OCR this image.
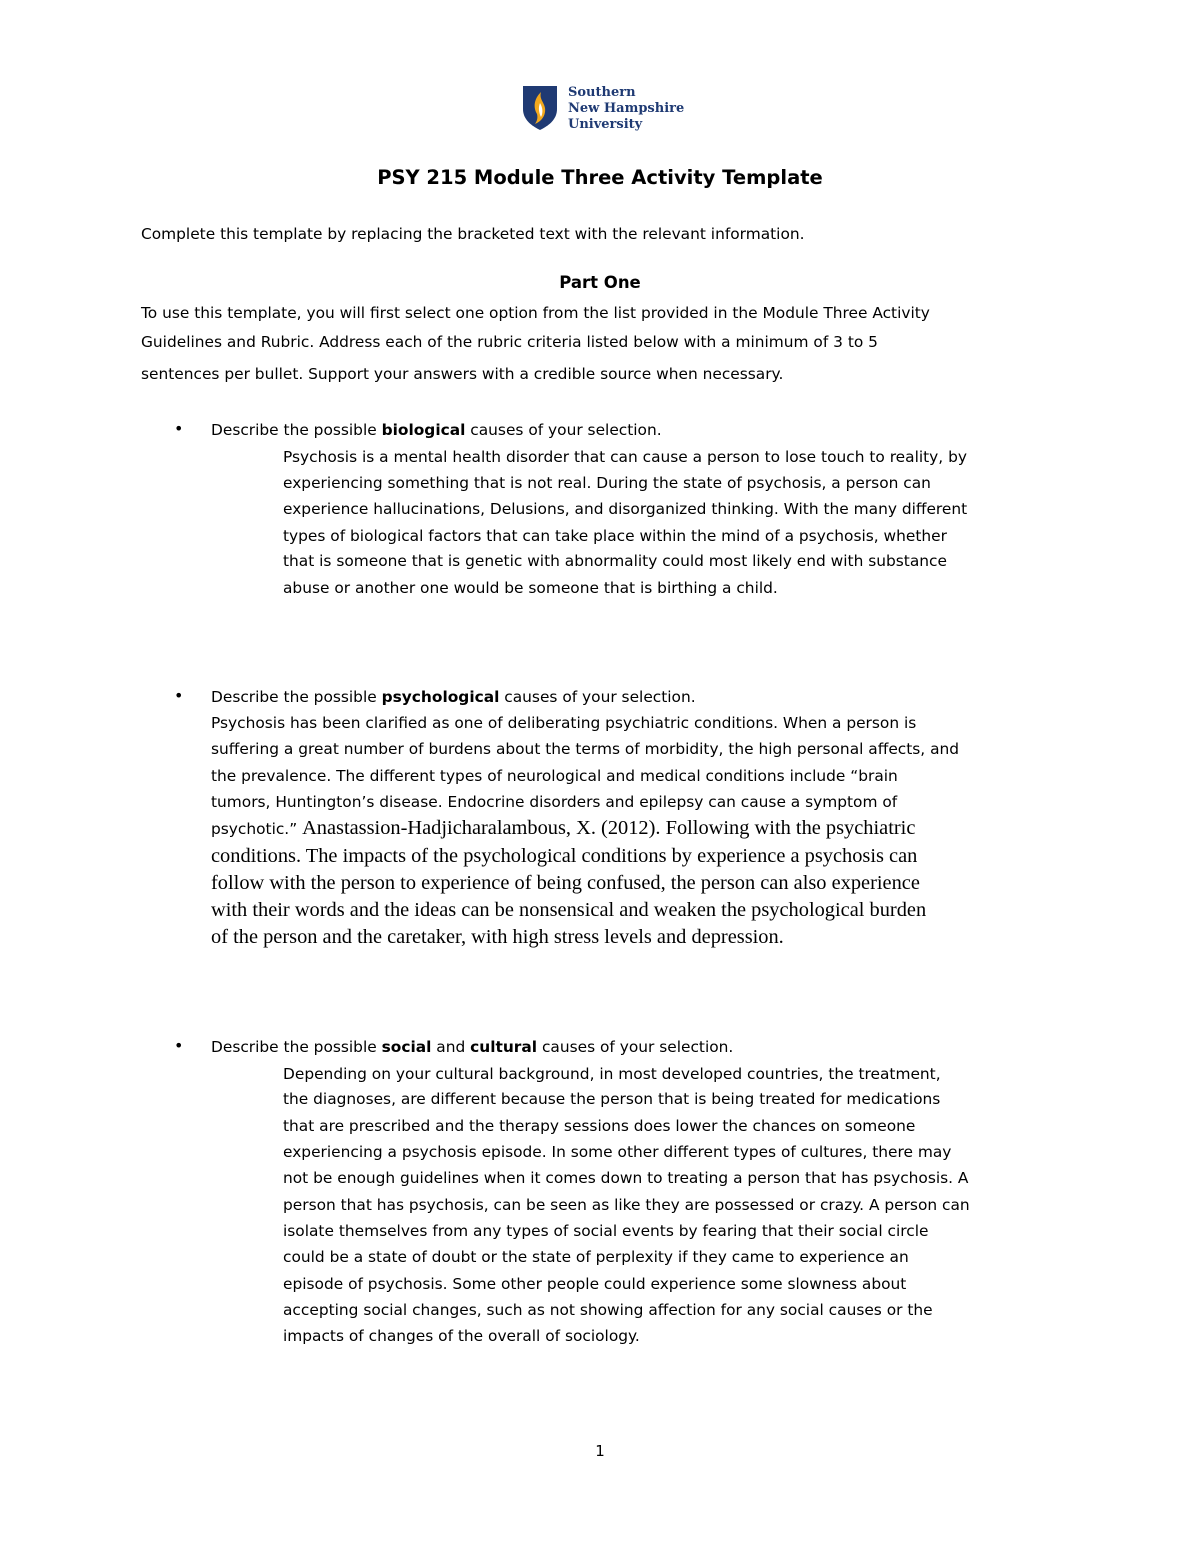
Southern
New Hampshire
University
PSY 215 Module Three Activity Template
Complete this template by replacing the bracketed text with the relevant information.
Part One
To use this template, you will first select one option from the list provided in the Module Three Activity
Guidelines and Rubric. Address each of the rubric criteria listed below with a minimum of 3 to 5
sentences per bullet. Support your answers with a credible source when necessary.
• Describe the possible biological causes of your selection.
Psychosis is a mental health disorder that can cause a person to lose touch to reality, by
experiencing something that is not real. During the state of psychosis, a person can
experience hallucinations, Delusions, and disorganized thinking. With the many different
types of biological factors that can take place within the mind of a psychosis, whether
that is someone that is genetic with abnormality could most likely end with substance
abuse or another one would be someone that is birthing a child.
• Describe the possible psychological causes of your selection.
Psychosis has been clarified as one of deliberating psychiatric conditions. When a person is
suffering a great number of burdens about the terms of morbidity, the high personal affects, and
the prevalence. The different types of neurological and medical conditions include “brain
tumors, Huntington’s disease. Endocrine disorders and epilepsy can cause a symptom of
psychotic.” Anastassion-Hadjicharalambous, X. (2012). Following with the psychiatric
conditions. The impacts of the psychological conditions by experience a psychosis can
follow with the person to experience of being confused, the person can also experience
with their words and the ideas can be nonsensical and weaken the psychological burden
of the person and the caretaker, with high stress levels and depression.
• Describe the possible social and cultural causes of your selection.
Depending on your cultural background, in most developed countries, the treatment,
the diagnoses, are different because the person that is being treated for medications
that are prescribed and the therapy sessions does lower the chances on someone
experiencing a psychosis episode. In some other different types of cultures, there may
not be enough guidelines when it comes down to treating a person that has psychosis. A
person that has psychosis, can be seen as like they are possessed or crazy. A person can
isolate themselves from any types of social events by fearing that their social circle
could be a state of doubt or the state of perplexity if they came to experience an
episode of psychosis. Some other people could experience some slowness about
accepting social changes, such as not showing affection for any social causes or the
impacts of changes of the overall of sociology.
1
